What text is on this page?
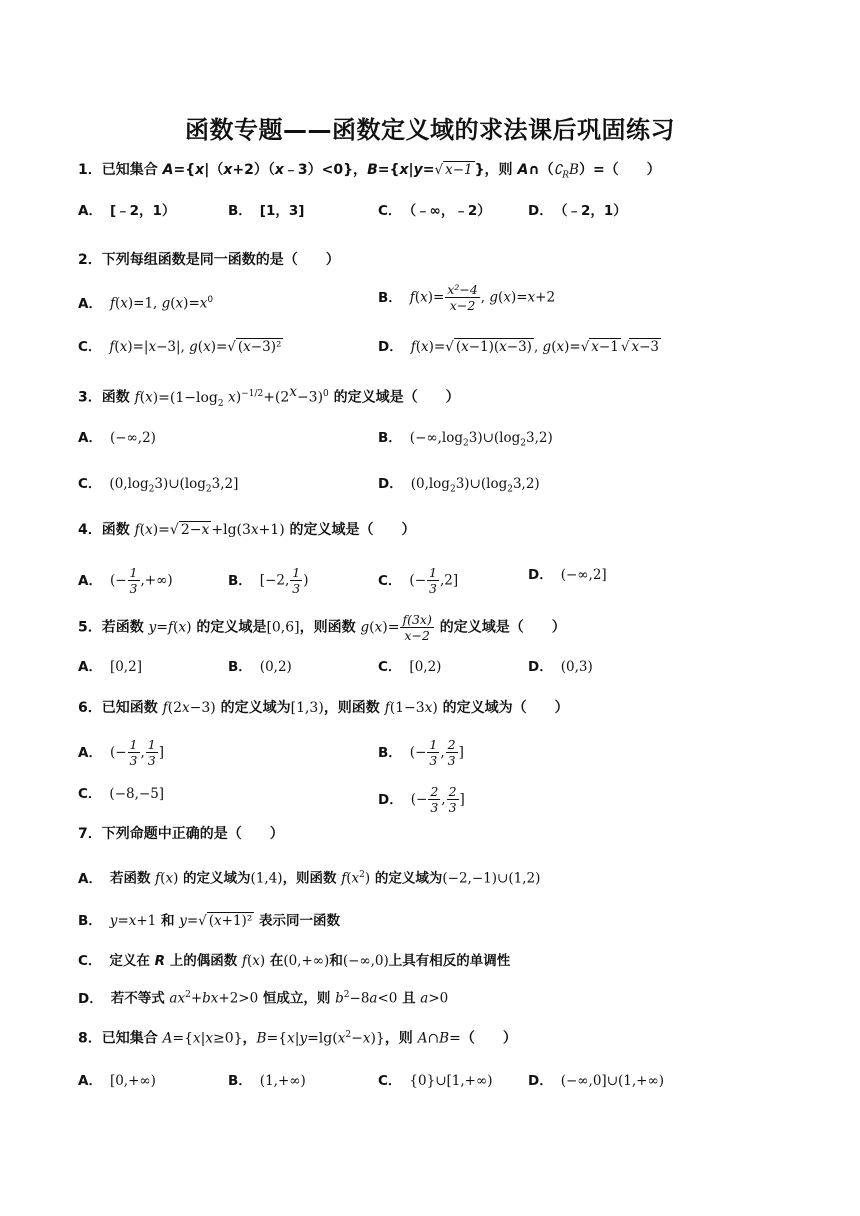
函数专题——函数定义域的求法课后巩固练习
1．已知集合 A={x|（x+2）（x﹣3）<0}，B={x|y=√ x−1 }，则 $A\cap(∁_RB)=$（　　）
A． [﹣2，1）	B． [1，3]	C． （﹣∞，﹣2）	D． （﹣2，1）
2．下列每组函数是同一函数的是（　　）
A． f(x)=1, $g(x)=x^0$	B． $f(x)= \frac{\text{x²−4}}{x-2}$ , g(x)=x+2
C． f(x)=|x−3|, g(x)=√ (x−3)²	D． f(x)=√ (x−1)(x−3) , g(x)=√ x−1 √ x−3
3．函数 $f(x)=(1-\log_2$ $x)^{-1/2}+(2^x-3)^0$ 的定义域是（　　）
A． (−∞,2)	B． $(-\infty,\log_23)\cup(\log_23,2)$
C． $(0,\log_23)\cup(\log_23,2]$	D． $(0,\log_23)\cup(\log_23,2)$
4．函数 f(x)=√ 2−x +lg(3x+1) 的定义域是（　　）
A． (− $\frac{1}{3}$ ,+∞)	B． [−2, $\frac{1}{3}$ )	C． (− $\frac{1}{3} ,2$]	D． (−∞,2]
5．若函数 y=f(x) 的定义域是[0,6]，则函数 $g(x)= \frac{f(3x)}{x-2}$ 的定义域是（　　）
A． [0,2]	B． (0,2)	C． [0,2)	D． (0,3)
6．已知函数 f(2x−3) 的定义域为[1,3)，则函数 f(1−3x) 的定义域为（　　）
A． (− $\frac{1}{3}$ , $\frac{1}{3}$ ]	B． (− $\frac{1}{3}$ , $\frac{2}{3}$ ]
C． (−8,−5]	D． (− $\frac{2}{3}$ , $\frac{2}{3}$ ]
7．下列命题中正确的是（　　）
A． 若函数 f(x) 的定义域为(1,4)，则函数 $f(x^2)$ 的定义域为(−2,−1)∪(1,2)
B． y=x+1 和 y=√ (x+1)² 表示同一函数
C． 定义在 R 上的偶函数 f(x) 在(0,+∞)和(−∞,0)上具有相反的单调性
D． 若不等式 $ax^2+bx+2>0$ 恒成立，则 $b^2-8a<0$ 且 a>0
8．已知集合 A={x|x≥0}，$B=\{x|y=\lg(x^2-x)\}$，则 A∩B=（　　）
A． [0,+∞)	B． (1,+∞)	C． {0}∪[1,+∞)	D． (−∞,0]∪(1,+∞)
